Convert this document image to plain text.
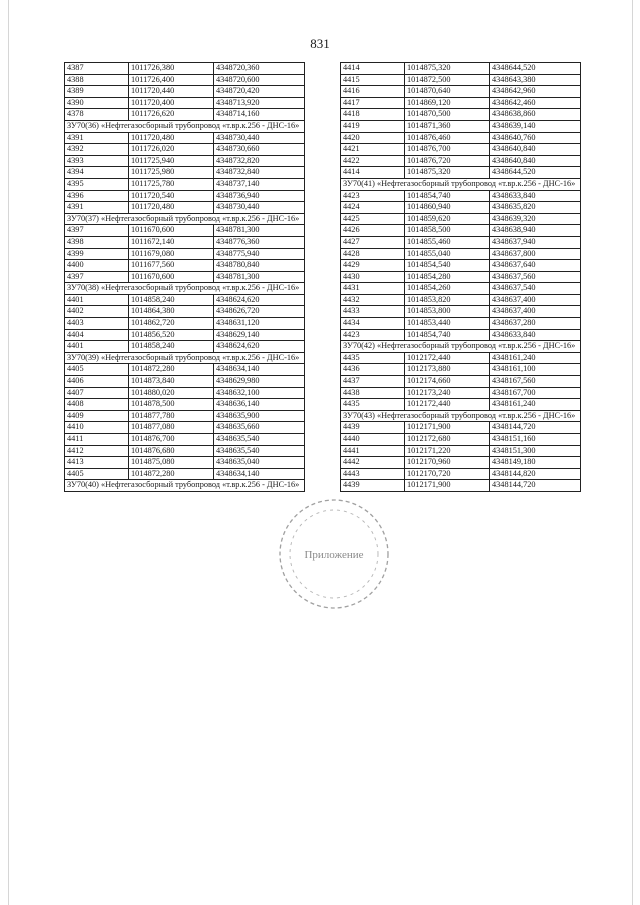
831
4387	1011726,380	4348720,360
4388	1011726,400	4348720,600
4389	1011720,440	4348720,420
4390	1011720,400	4348713,920
4378	1011726,620	4348714,160
ЗУ70(36) «Нефтегазосборный трубопровод «т.вр.к.256 - ДНС-16»
4391	1011720,480	4348730,440
4392	1011726,020	4348730,660
4393	1011725,940	4348732,820
4394	1011725,980	4348732,840
4395	1011725,780	4348737,140
4396	1011720,540	4348736,940
4391	1011720,480	4348730,440
ЗУ70(37) «Нефтегазосборный трубопровод «т.вр.к.256 - ДНС-16»
4397	1011670,600	4348781,300
4398	1011672,140	4348776,360
4399	1011679,080	4348775,940
4400	1011677,560	4348780,840
4397	1011670,600	4348781,300
ЗУ70(38) «Нефтегазосборный трубопровод «т.вр.к.256 - ДНС-16»
4401	1014858,240	4348624,620
4402	1014864,380	4348626,720
4403	1014862,720	4348631,120
4404	1014856,520	4348629,140
4401	1014858,240	4348624,620
ЗУ70(39) «Нефтегазосборный трубопровод «т.вр.к.256 - ДНС-16»
4405	1014872,280	4348634,140
4406	1014873,840	4348629,980
4407	1014880,020	4348632,100
4408	1014878,500	4348636,140
4409	1014877,780	4348635,900
4410	1014877,080	4348635,660
4411	1014876,700	4348635,540
4412	1014876,680	4348635,540
4413	1014875,080	4348635,040
4405	1014872,280	4348634,140
ЗУ70(40) «Нефтегазосборный трубопровод «т.вр.к.256 - ДНС-16»
4414	1014875,320	4348644,520
4415	1014872,500	4348643,380
4416	1014870,640	4348642,960
4417	1014869,120	4348642,460
4418	1014870,500	4348638,860
4419	1014871,360	4348639,140
4420	1014876,460	4348640,760
4421	1014876,700	4348640,840
4422	1014876,720	4348640,840
4414	1014875,320	4348644,520
ЗУ70(41) «Нефтегазосборный трубопровод «т.вр.к.256 - ДНС-16»
4423	1014854,740	4348633,840
4424	1014860,940	4348635,820
4425	1014859,620	4348639,320
4426	1014858,500	4348638,940
4427	1014855,460	4348637,940
4428	1014855,040	4348637,800
4429	1014854,540	4348637,640
4430	1014854,280	4348637,560
4431	1014854,260	4348637,540
4432	1014853,820	4348637,400
4433	1014853,800	4348637,400
4434	1014853,440	4348637,280
4423	1014854,740	4348633,840
ЗУ70(42) «Нефтегазосборный трубопровод «т.вр.к.256 - ДНС-16»
4435	1012172,440	4348161,240
4436	1012173,880	4348161,100
4437	1012174,660	4348167,560
4438	1012173,240	4348167,700
4435	1012172,440	4348161,240
ЗУ70(43) «Нефтегазосборный трубопровод «т.вр.к.256 - ДНС-16»
4439	1012171,900	4348144,720
4440	1012172,680	4348151,160
4441	1012171,220	4348151,300
4442	1012170,960	4348149,180
4443	1012170,720	4348144,820
4439	1012171,900	4348144,720
Приложение
